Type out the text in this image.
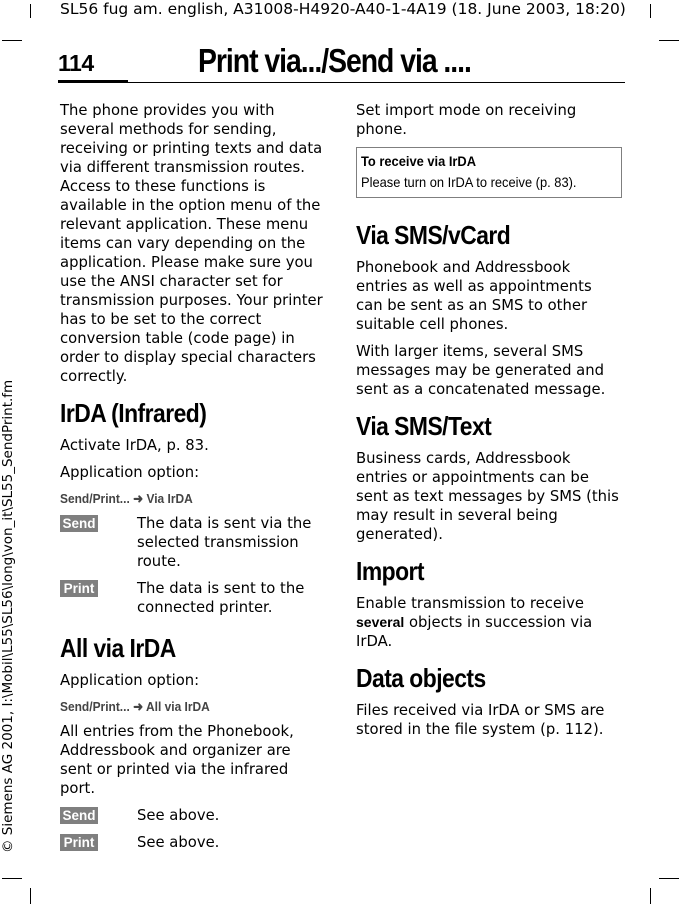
SL56 fug am. english, A31008-H4920-A40-1-4A19 (18. June 2003, 18:20)
114	Print via.../Send via ....
© Siemens AG 2001, I:\Mobil\L55\SL56\long\von_it\SL55_SendPrint.fm

The phone provides you with several methods for sending, receiving or printing texts and data via different transmission routes. Access to these functions is available in the option menu of the relevant application. These menu items can vary depending on the application. Please make sure you use the ANSI character set for transmission purposes. Your printer has to be set to the correct conversion table (code page) in order to display special characters correctly.

IrDA (Infrared)

Activate IrDA, p. 83.

Application option:

Send/Print... ➜ Via IrDA
Send	The data is sent via the selected transmission route.
Print	The data is sent to the connected printer.
All via IrDA

Application option:

Send/Print... ➜ All via IrDA

All entries from the Phonebook, Addressbook and organizer are sent or printed via the infrared port.

Send	See above.
Print	See above.

Set import mode on receiving phone.

To receive via IrDA
Please turn on IrDA to receive (p. 83).
Via SMS/vCard

Phonebook and Addressbook entries as well as appointments can be sent as an SMS to other suitable cell phones.

With larger items, several SMS messages may be generated and sent as a concatenated message.

Via SMS/Text

Business cards, Addressbook entries or appointments can be sent as text messages by SMS (this may result in several being generated).

Import

Enable transmission to receive several objects in succession via IrDA.

Data objects

Files received via IrDA or SMS are stored in the file system (p. 112).
